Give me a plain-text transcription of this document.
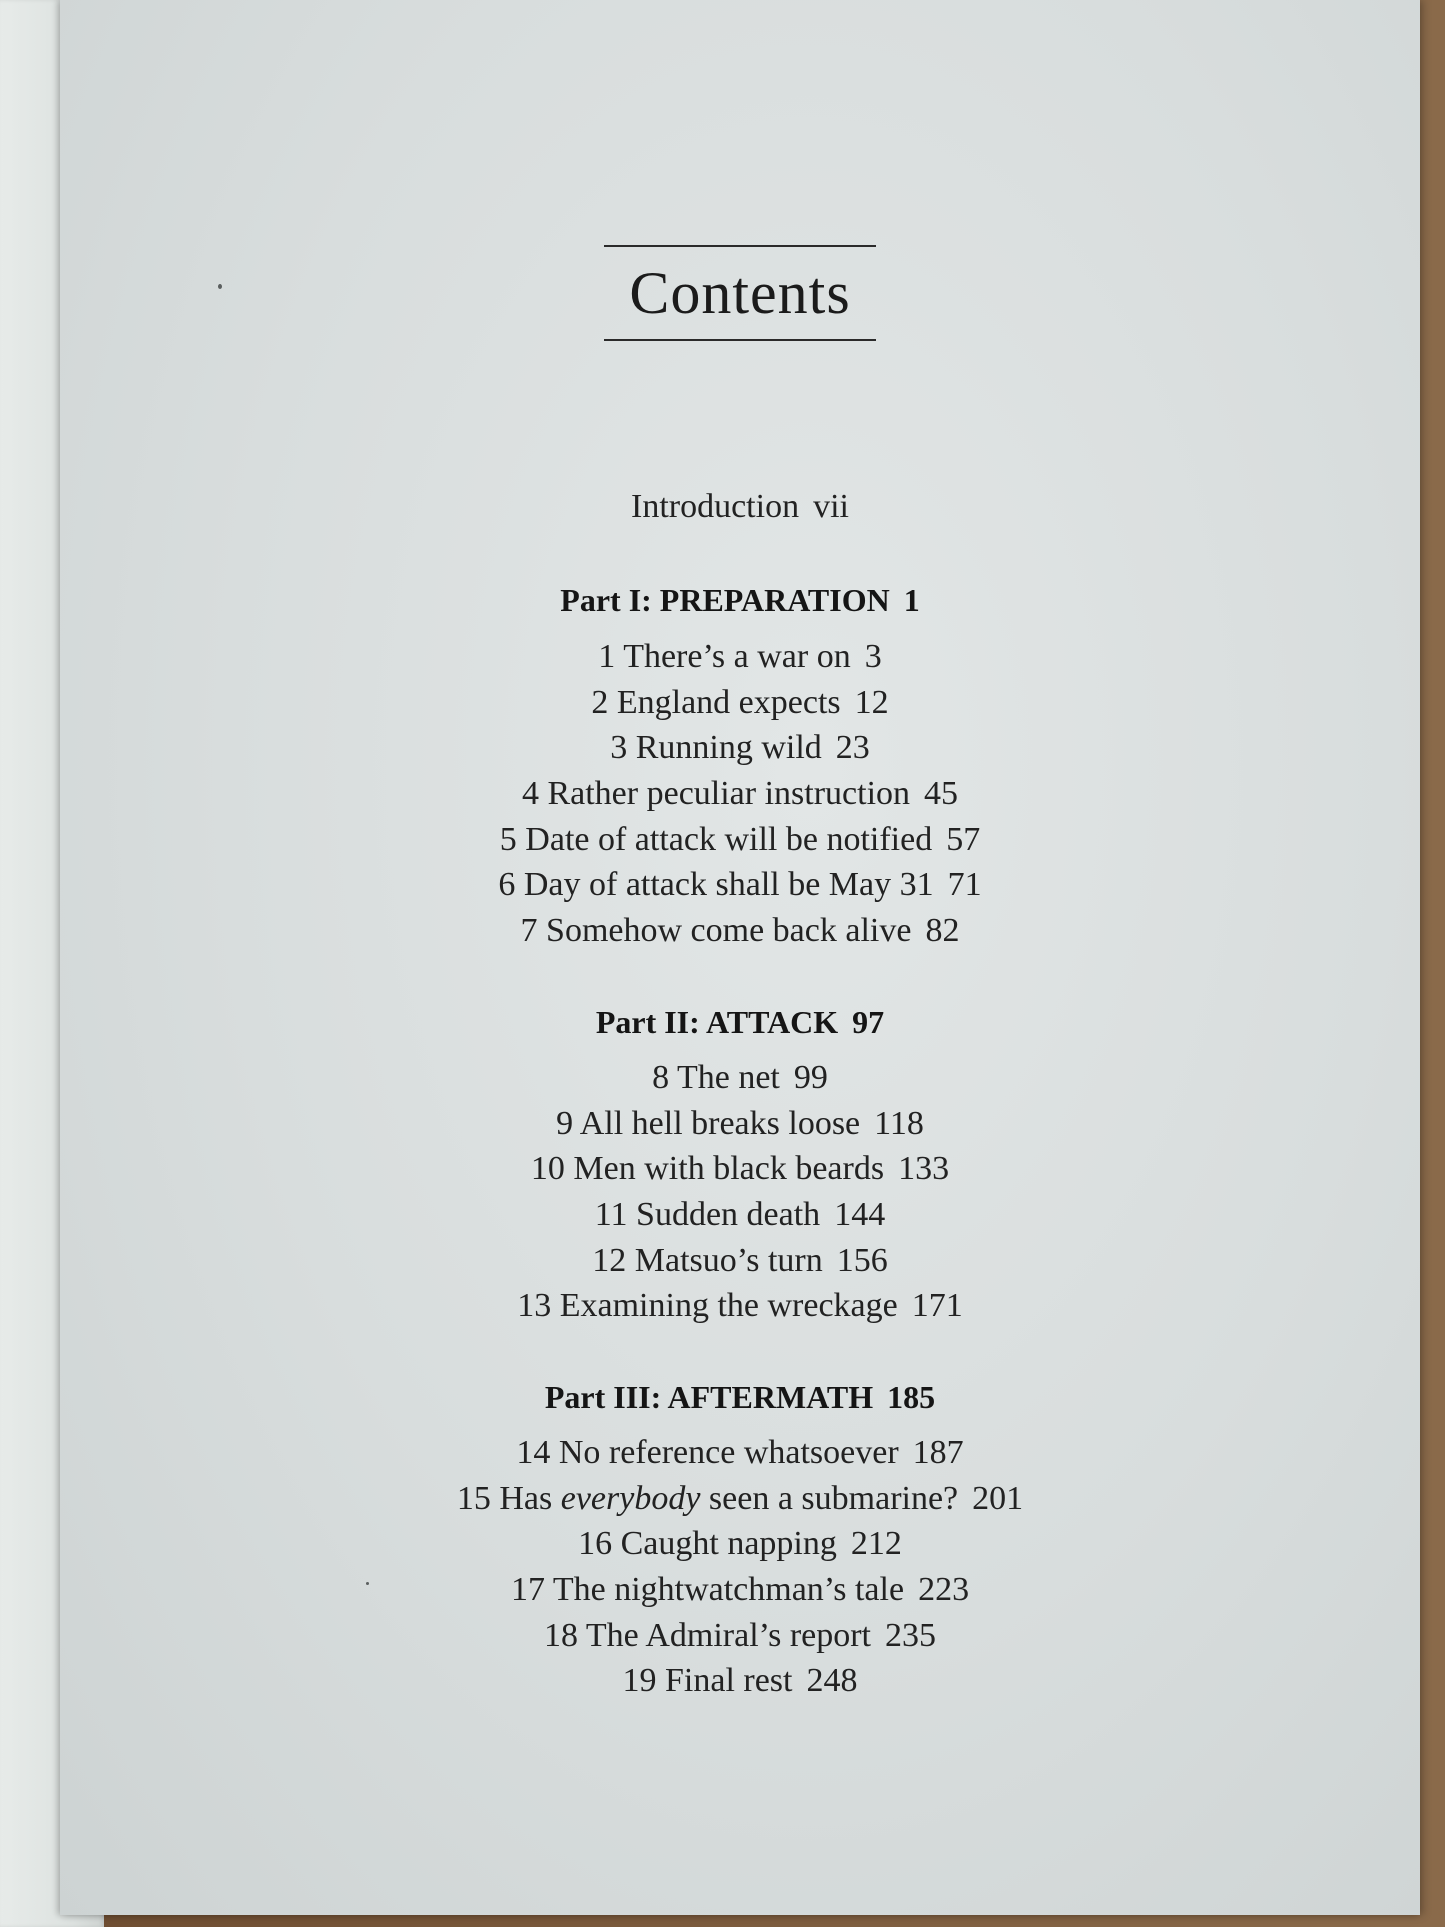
Contents
Introduction vii
Part I: PREPARATION 1
1 There’s a war on 3
2 England expects 12
3 Running wild 23
4 Rather peculiar instruction 45
5 Date of attack will be notified 57
6 Day of attack shall be May 31 71
7 Somehow come back alive 82
Part II: ATTACK 97
8 The net 99
9 All hell breaks loose 118
10 Men with black beards 133
11 Sudden death 144
12 Matsuo’s turn 156
13 Examining the wreckage 171
Part III: AFTERMATH 185
14 No reference whatsoever 187
15 Has everybody seen a submarine? 201
16 Caught napping 212
17 The nightwatchman’s tale 223
18 The Admiral’s report 235
19 Final rest 248
